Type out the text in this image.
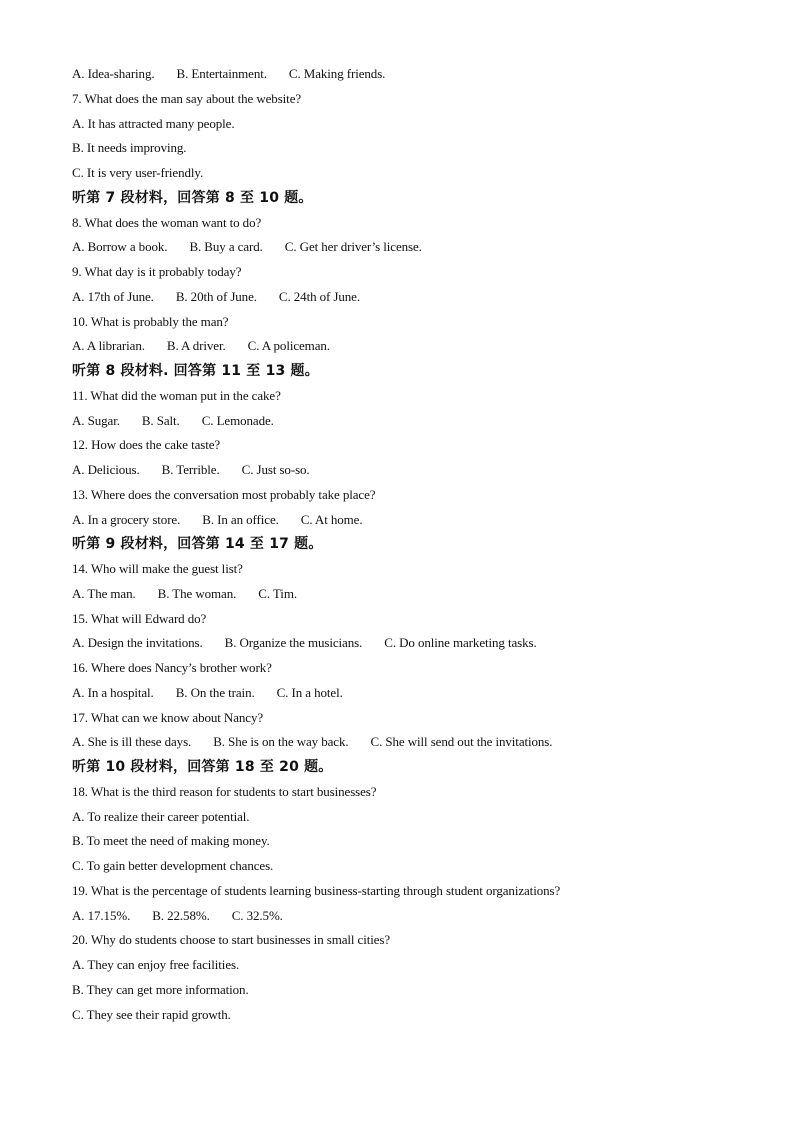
A. Idea-sharing. B. Entertainment. C. Making friends.
7. What does the man say about the website?
A. It has attracted many people.
B. It needs improving.
C. It is very user-friendly.
听第 7 段材料，回答第 8 至 10 题。
8. What does the woman want to do?
A. Borrow a book. B. Buy a card. C. Get her driver’s license.
9. What day is it probably today?
A. 17th of June. B. 20th of June. C. 24th of June.
10. What is probably the man?
A. A librarian. B. A driver. C. A policeman.
听第 8 段材料. 回答第 11 至 13 题。
11. What did the woman put in the cake?
A. Sugar. B. Salt. C. Lemonade.
12. How does the cake taste?
A. Delicious. B. Terrible. C. Just so-so.
13. Where does the conversation most probably take place?
A. In a grocery store. B. In an office. C. At home.
听第 9 段材料，回答第 14 至 17 题。
14. Who will make the guest list?
A. The man. B. The woman. C. Tim.
15. What will Edward do?
A. Design the invitations. B. Organize the musicians. C. Do online marketing tasks.
16. Where does Nancy’s brother work?
A. In a hospital. B. On the train. C. In a hotel.
17. What can we know about Nancy?
A. She is ill these days. B. She is on the way back. C. She will send out the invitations.
听第 10 段材料，回答第 18 至 20 题。
18. What is the third reason for students to start businesses?
A. To realize their career potential.
B. To meet the need of making money.
C. To gain better development chances.
19. What is the percentage of students learning business-starting through student organizations?
A. 17.15%. B. 22.58%. C. 32.5%.
20. Why do students choose to start businesses in small cities?
A. They can enjoy free facilities.
B. They can get more information.
C. They see their rapid growth.
